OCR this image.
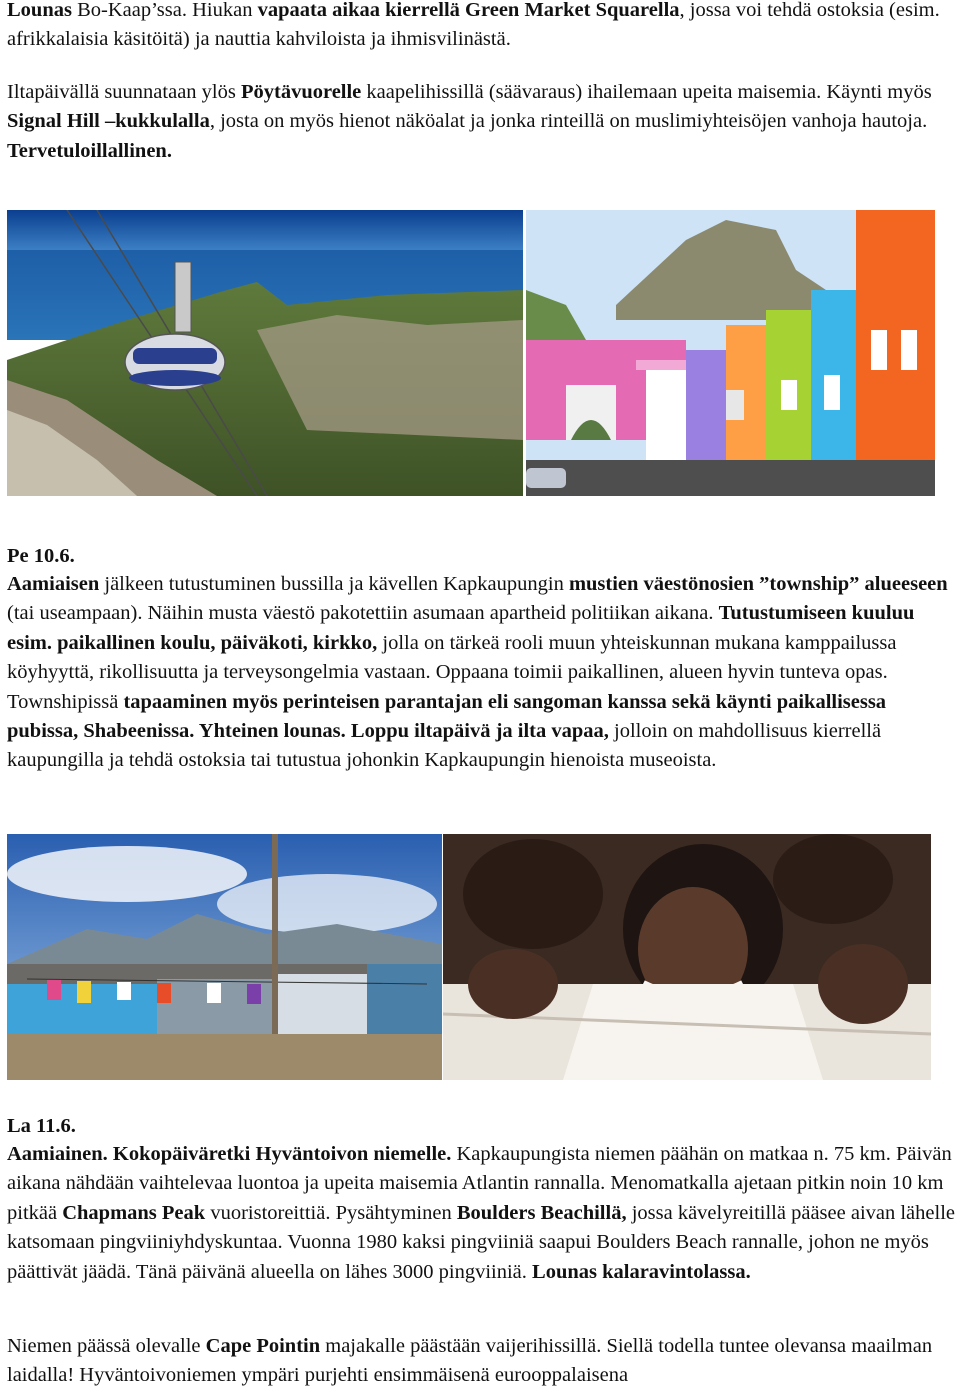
Lounas Bo-Kaap’ssa. Hiukan vapaata aikaa kierrellä Green Market Squarella, jossa voi tehdä ostoksia (esim. afrikkalaisia käsitöitä) ja nauttia kahviloista ja ihmisvilinästä.

Iltapäivällä suunnataan ylös Pöytävuorelle kaapelihissillä (säävaraus) ihailemaan upeita maisemia. Käynti myös Signal Hill –kukkulalla, josta on myös hienot näköalat ja jonka rinteillä on muslimiyhteisöjen vanhoja hautoja. Tervetuloillallinen.

Pe 10.6.

Aamiaisen jälkeen tutustuminen bussilla ja kävellen Kapkaupungin mustien väestönosien ”township” alueeseen (tai useampaan). Näihin musta väestö pakotettiin asumaan apartheid politiikan aikana. Tutustumiseen kuuluu esim. paikallinen koulu, päiväkoti, kirkko, jolla on tärkeä rooli muun yhteiskunnan mukana kamppailussa köyhyyttä, rikollisuutta ja terveysongelmia vastaan. Oppaana toimii paikallinen, alueen hyvin tunteva opas. Townshipissä tapaaminen myös perinteisen parantajan eli sangoman kanssa sekä käynti paikallisessa pubissa, Shabeenissa. Yhteinen lounas. Loppu iltapäivä ja ilta vapaa, jolloin on mahdollisuus kierrellä kaupungilla ja tehdä ostoksia tai tutustua johonkin Kapkaupungin hienoista museoista.

La 11.6.

Aamiainen. Kokopäiväretki Hyväntoivon niemelle. Kapkaupungista niemen päähän on matkaa n. 75 km. Päivän aikana nähdään vaihtelevaa luontoa ja upeita maisemia Atlantin rannalla. Menomatkalla ajetaan pitkin noin 10 km pitkää Chapmans Peak vuoristoreittiä. Pysähtyminen Boulders Beachillä, jossa kävelyreitillä pääsee aivan lähelle katsomaan pingviiniyhdyskuntaa. Vuonna 1980 kaksi pingviiniä saapui Boulders Beach rannalle, johon ne myös päättivät jäädä. Tänä päivänä alueella on lähes 3000 pingviiniä. Lounas kalaravintolassa.

Niemen päässä olevalle Cape Pointin majakalle päästään vaijerihissillä. Siellä todella tuntee olevansa maailman laidalla! Hyväntoivoniemen ympäri purjehti ensimmäisenä eurooppalaisena
